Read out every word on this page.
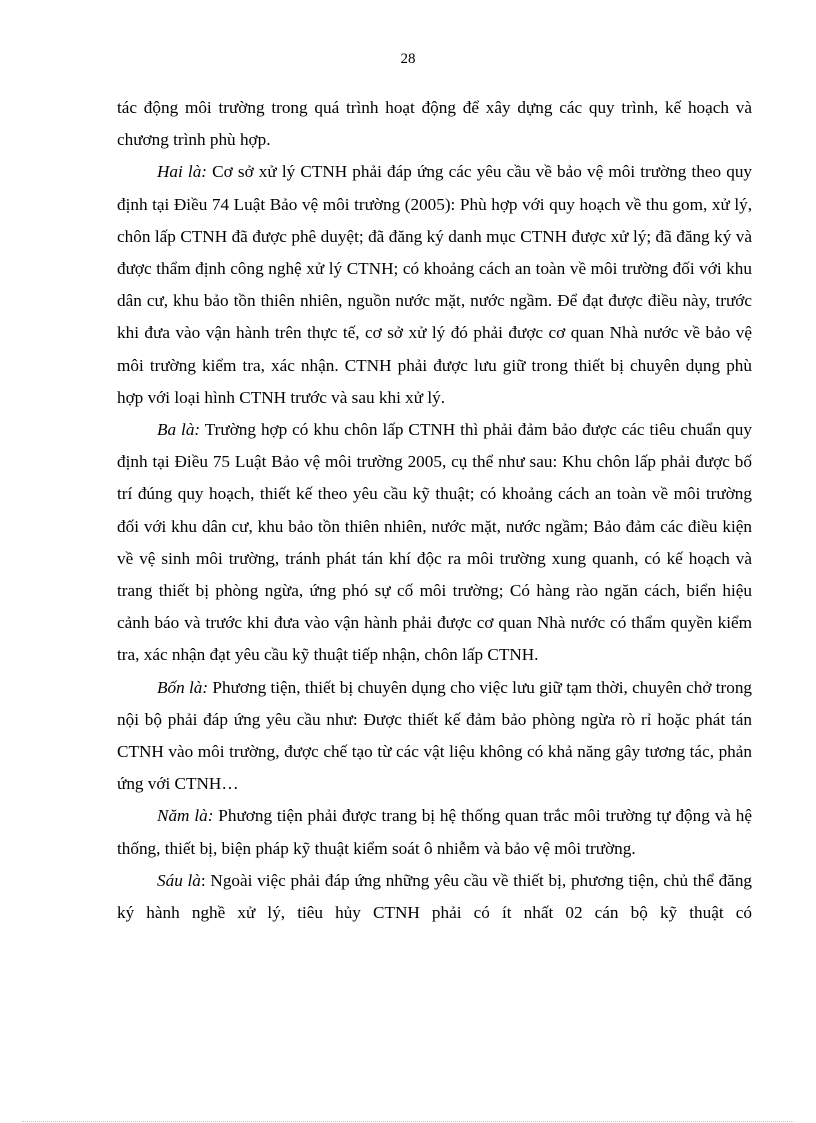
28

tác động môi trường trong quá trình hoạt động để xây dựng các quy trình, kế hoạch và chương trình phù hợp.

Hai là: Cơ sở xử lý CTNH phải đáp ứng các yêu cầu về bảo vệ môi trường theo quy định tại Điều 74 Luật Bảo vệ môi trường (2005): Phù hợp với quy hoạch về thu gom, xử lý, chôn lấp CTNH đã được phê duyệt; đã đăng ký danh mục CTNH được xử lý; đã đăng ký và được thẩm định công nghệ xử lý CTNH; có khoảng cách an toàn về môi trường đối với khu dân cư, khu bảo tồn thiên nhiên, nguồn nước mặt, nước ngầm. Để đạt được điều này, trước khi đưa vào vận hành trên thực tế, cơ sở xử lý đó phải được cơ quan Nhà nước về bảo vệ môi trường kiểm tra, xác nhận. CTNH phải được lưu giữ trong thiết bị chuyên dụng phù hợp với loại hình CTNH trước và sau khi xử lý.

Ba là: Trường hợp có khu chôn lấp CTNH thì phải đảm bảo được các tiêu chuẩn quy định tại Điều 75 Luật Bảo vệ môi trường 2005, cụ thể như sau: Khu chôn lấp phải được bố trí đúng quy hoạch, thiết kế theo yêu cầu kỹ thuật; có khoảng cách an toàn về môi trường đối với khu dân cư, khu bảo tồn thiên nhiên, nước mặt, nước ngầm; Bảo đảm các điều kiện về vệ sinh môi trường, tránh phát tán khí độc ra môi trường xung quanh, có kế hoạch và trang thiết bị phòng ngừa, ứng phó sự cố môi trường; Có hàng rào ngăn cách, biển hiệu cảnh báo và trước khi đưa vào vận hành phải được cơ quan Nhà nước có thẩm quyền kiểm tra, xác nhận đạt yêu cầu kỹ thuật tiếp nhận, chôn lấp CTNH.

Bốn là: Phương tiện, thiết bị chuyên dụng cho việc lưu giữ tạm thời, chuyên chở trong nội bộ phải đáp ứng yêu cầu như: Được thiết kế đảm bảo phòng ngừa rò rỉ hoặc phát tán CTNH vào môi trường, được chế tạo từ các vật liệu không có khả năng gây tương tác, phản ứng với CTNH…

Năm là: Phương tiện phải được trang bị hệ thống quan trắc môi trường tự động và hệ thống, thiết bị, biện pháp kỹ thuật kiểm soát ô nhiễm và bảo vệ môi trường.

Sáu là: Ngoài việc phải đáp ứng những yêu cầu về thiết bị, phương tiện, chủ thể đăng ký hành nghề xử lý, tiêu hủy CTNH phải có ít nhất 02 cán bộ kỹ thuật có
